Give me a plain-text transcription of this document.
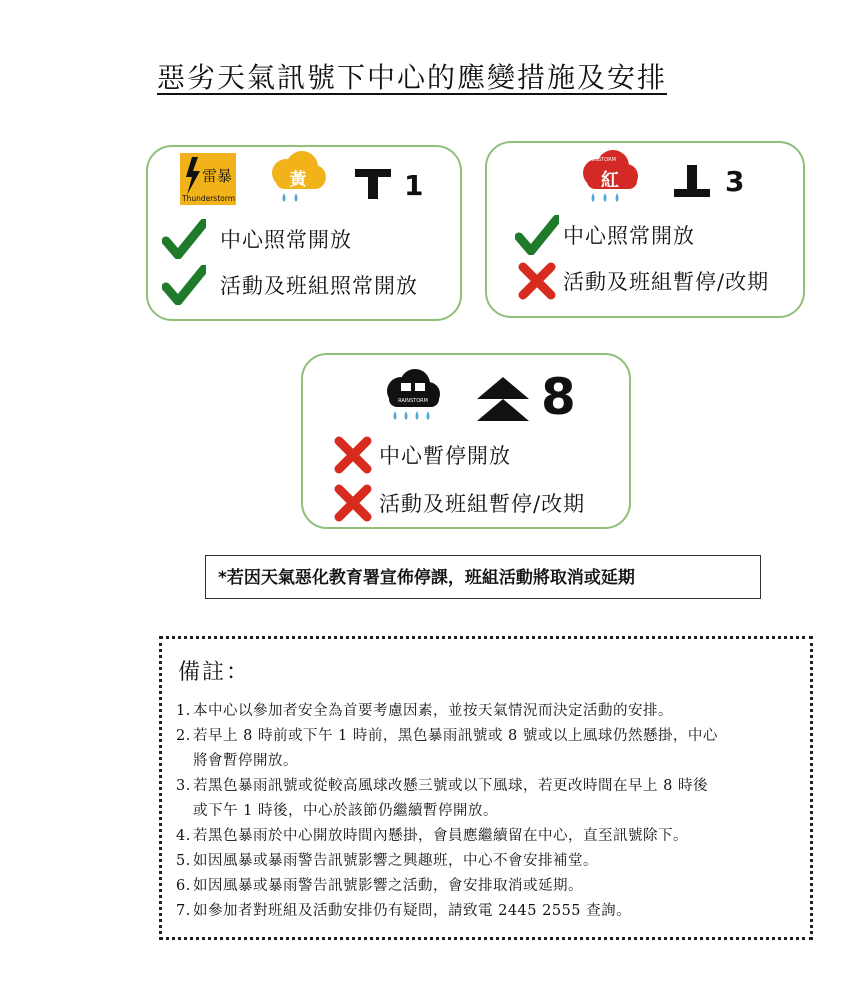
惡劣天氣訊號下中心的應變措施及安排
雷暴
Thunderstorm
黃	1
中心照常開放
活動及班組照常開放
紅
RAINSTORM
3
中心照常開放
活動及班組暫停/改期
RAINSTORM 8
中心暫停開放
活動及班組暫停/改期
*若因天氣惡化教育署宣佈停課，班組活動將取消或延期
備註：
1. 本中心以參加者安全為首要考慮因素，並按天氣情況而決定活動的安排。
2. 若早上 8 時前或下午 1 時前，黑色暴雨訊號或 8 號或以上風球仍然懸掛，中心
將會暫停開放。
3. 若黑色暴雨訊號或從較高風球改懸三號或以下風球，若更改時間在早上 8 時後
或下午 1 時後，中心於該節仍繼續暫停開放。
4. 若黑色暴雨於中心開放時間內懸掛，會員應繼續留在中心，直至訊號除下。
5. 如因風暴或暴雨警告訊號影響之興趣班，中心不會安排補堂。
6. 如因風暴或暴雨警告訊號影響之活動，會安排取消或延期。
7. 如參加者對班組及活動安排仍有疑問，請致電 2445 2555 查詢。
